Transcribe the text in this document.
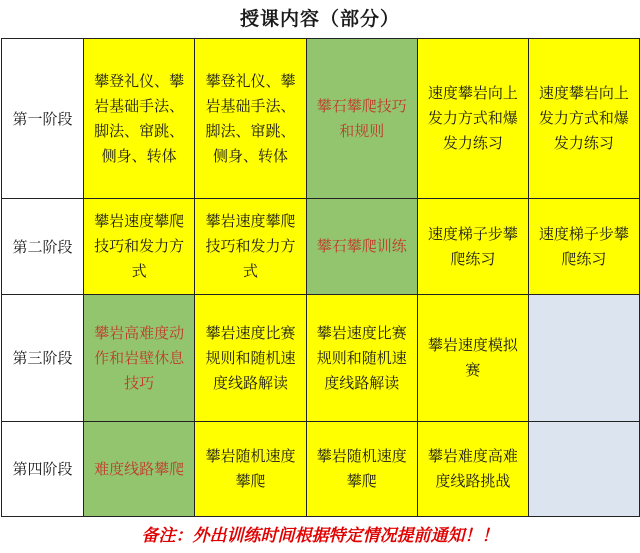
授课内容（部分）
第一阶段	攀登礼仪、攀岩基础手法、脚法、窜跳、侧身、转体	攀登礼仪、攀岩基础手法、脚法、窜跳、侧身、转体	攀石攀爬技巧和规则	速度攀岩向上发力方式和爆发力练习	速度攀岩向上发力方式和爆发力练习
第二阶段	攀岩速度攀爬技巧和发力方式	攀岩速度攀爬技巧和发力方式	攀石攀爬训练	速度梯子步攀爬练习	速度梯子步攀爬练习
第三阶段	攀岩高难度动作和岩壁休息技巧	攀岩速度比赛规则和随机速度线路解读	攀岩速度比赛规则和随机速度线路解读	攀岩速度模拟赛	
第四阶段	难度线路攀爬	攀岩随机速度攀爬	攀岩随机速度攀爬	攀岩难度高难度线路挑战	
备注：外出训练时间根据特定情况提前通知！！
